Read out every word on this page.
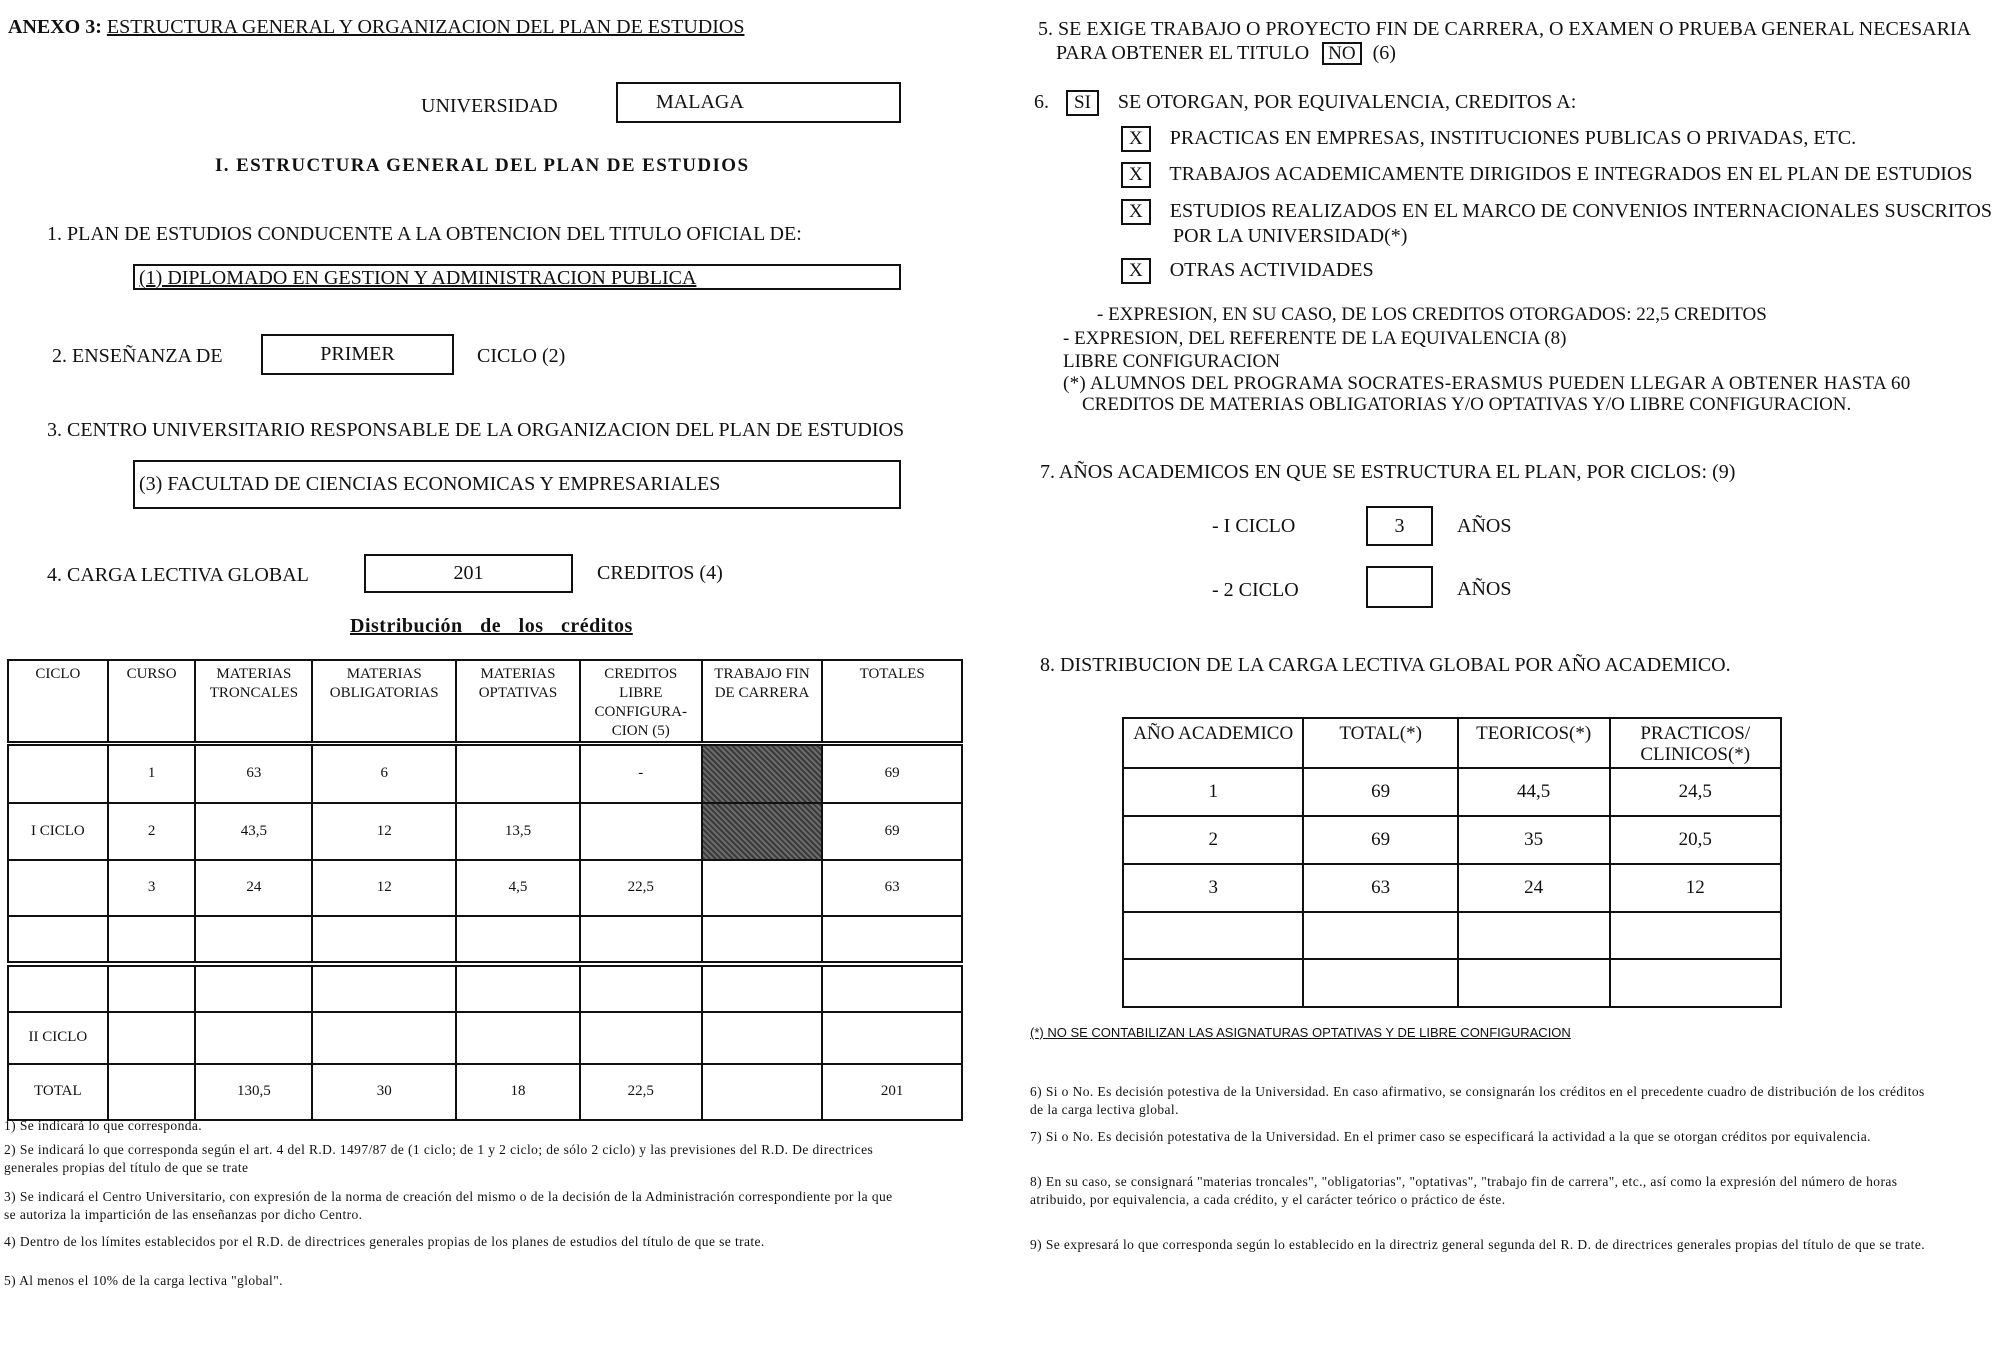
ANEXO 3: ESTRUCTURA GENERAL Y ORGANIZACION DEL PLAN DE ESTUDIOS
UNIVERSIDAD	MALAGA
I. ESTRUCTURA GENERAL DEL PLAN DE ESTUDIOS
1. PLAN DE ESTUDIOS CONDUCENTE A LA OBTENCION DEL TITULO OFICIAL DE:
(1) DIPLOMADO EN GESTION Y ADMINISTRACION PUBLICA
2. ENSEÑANZA DE	PRIMER	CICLO (2)
3. CENTRO UNIVERSITARIO RESPONSABLE DE LA ORGANIZACION DEL PLAN DE ESTUDIOS
(3) FACULTAD DE CIENCIAS ECONOMICAS Y EMPRESARIALES
4. CARGA LECTIVA GLOBAL	201	CREDITOS (4)
Distribución de los créditos
CICLO	CURSO	MATERIAS TRONCALES	MATERIAS OBLIGATORIAS	MATERIAS OPTATIVAS	CREDITOS LIBRE CONFIGURA-CION (5)	TRABAJO FIN DE CARRERA	TOTALES
	1	63	6		-		69
I CICLO	2	43,5	12	13,5			69
	3	24	12	4,5	22,5		63

II CICLO							
TOTAL		130,5	30	18	22,5		201
1) Se indicará lo que corresponda.
2) Se indicará lo que corresponda según el art. 4 del R.D. 1497/87 de (1 ciclo; de 1 y 2 ciclo; de sólo 2 ciclo) y las previsiones del R.D. De directrices generales propias del título de que se trate
3) Se indicará el Centro Universitario, con expresión de la norma de creación del mismo o de la decisión de la Administración correspondiente por la que se autoriza la impartición de las enseñanzas por dicho Centro.
4) Dentro de los límites establecidos por el R.D. de directrices generales propias de los planes de estudios del título de que se trate.
5) Al menos el 10% de la carga lectiva "global".
5. SE EXIGE TRABAJO O PROYECTO FIN DE CARRERA, O EXAMEN O PRUEBA GENERAL NECESARIA
PARA OBTENER EL TITULO NO (6)
6. SI SE OTORGAN, POR EQUIVALENCIA, CREDITOS A:
X PRACTICAS EN EMPRESAS, INSTITUCIONES PUBLICAS O PRIVADAS, ETC.
X TRABAJOS ACADEMICAMENTE DIRIGIDOS E INTEGRADOS EN EL PLAN DE ESTUDIOS
X ESTUDIOS REALIZADOS EN EL MARCO DE CONVENIOS INTERNACIONALES SUSCRITOS
POR LA UNIVERSIDAD(*)
X OTRAS ACTIVIDADES
- EXPRESION, EN SU CASO, DE LOS CREDITOS OTORGADOS: 22,5 CREDITOS
- EXPRESION, DEL REFERENTE DE LA EQUIVALENCIA (8)
LIBRE CONFIGURACION
(*) ALUMNOS DEL PROGRAMA SOCRATES-ERASMUS PUEDEN LLEGAR A OBTENER HASTA 60
CREDITOS DE MATERIAS OBLIGATORIAS Y/O OPTATIVAS Y/O LIBRE CONFIGURACION.
7. AÑOS ACADEMICOS EN QUE SE ESTRUCTURA EL PLAN, POR CICLOS: (9)
- I CICLO	3	AÑOS
- 2 CICLO	AÑOS
8. DISTRIBUCION DE LA CARGA LECTIVA GLOBAL POR AÑO ACADEMICO.
AÑO ACADEMICO	TOTAL(*)	TEORICOS(*)	PRACTICOS/ CLINICOS(*)
1	69	44,5	24,5
2	69	35	20,5
3	63	24	12

(*) NO SE CONTABILIZAN LAS ASIGNATURAS OPTATIVAS Y DE LIBRE CONFIGURACION
6) Si o No. Es decisión potestiva de la Universidad. En caso afirmativo, se consignarán los créditos en el precedente cuadro de distribución de los créditos de la carga lectiva global.
7) Si o No. Es decisión potestativa de la Universidad. En el primer caso se especificará la actividad a la que se otorgan créditos por equivalencia.
8) En su caso, se consignará "materias troncales", "obligatorias", "optativas", "trabajo fin de carrera", etc., así como la expresión del número de horas atribuido, por equivalencia, a cada crédito, y el carácter teórico o práctico de éste.
9) Se expresará lo que corresponda según lo establecido en la directriz general segunda del R. D. de directrices generales propias del título de que se trate.
